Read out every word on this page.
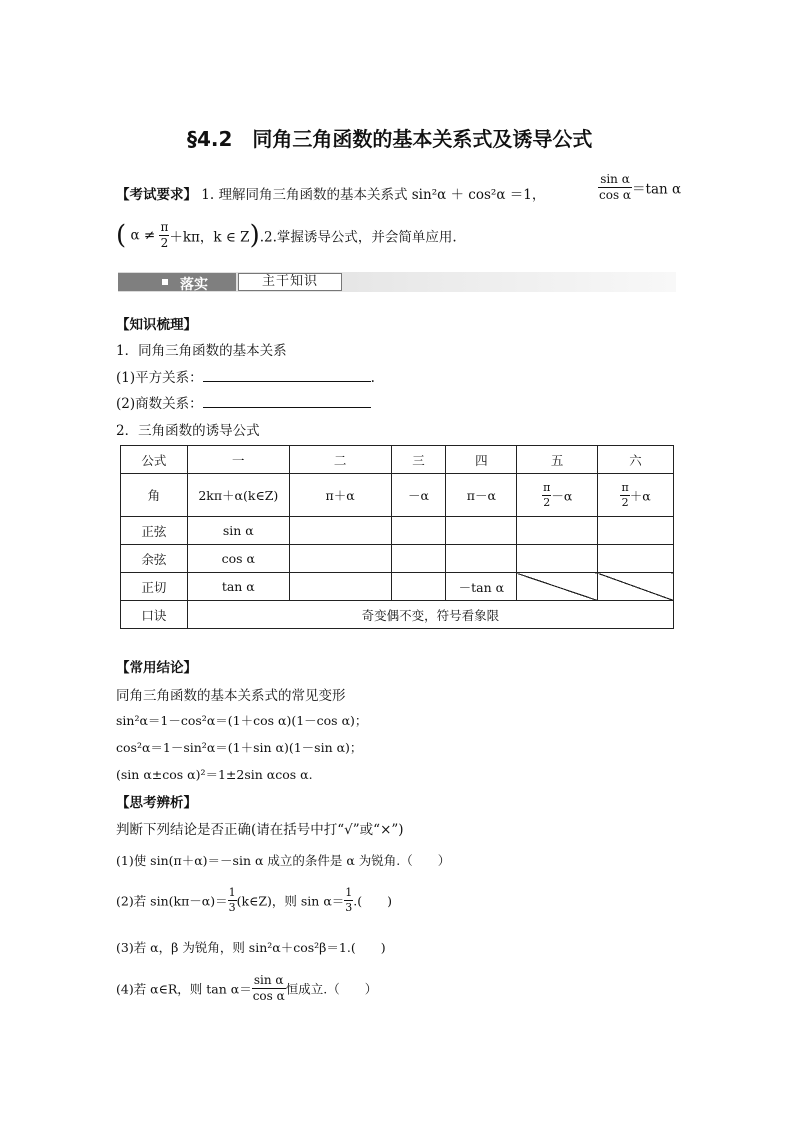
§4.2　同角三角函数的基本关系式及诱导公式
【考试要求】 1. 理解同角三角函数的基本关系式 sin²α ＋ cos²α ＝1，	$\frac{\text{sin α}}{\text{cos α}} =\tan$ α
( $\alpha \ne \frac{\pi}{2} +k\pi$，k ∈ Z).2.掌握诱导公式，并会简单应用.
落实	主干知识
【知识梳理】
1．同角三角函数的基本关系
(1)平方关系：	.
(2)商数关系：
2．三角函数的诱导公式
公式	一	二	三	四	五	六
角	2kπ＋α(k∈Z)	π＋α	－α	π－α	$\frac{\pi}{2} -\alpha$	$\frac{\pi}{2} +\alpha$
正弦	sin α					
余弦	cos α					
正切	tan α			－tan α		
口诀	奇变偶不变，符号看象限					
【常用结论】
同角三角函数的基本关系式的常见变形
sin²α＝1－cos²α＝(1＋cos α)(1－cos α)；
cos²α＝1－sin²α＝(1＋sin α)(1－sin α)；
(sin α±cos α)²＝1±2sin αcos α.
【思考辨析】
判断下列结论是否正确(请在括号中打“√”或“×”)
(1)使 sin(π＋α)＝－sin α 成立的条件是 α 为锐角.（　　）
(2)若 $\sin(k\pi-\alpha)= \frac{1}{3}$ (k∈Z)，则 $\sin \alpha= \frac{1}{3}$ .(　　)
(3)若 α，β 为锐角，则 sin²α＋cos²β＝1.(　　)
(4)若 α∈R，则 $\tan \alpha= \frac{\text{sin α}}{\text{cos α}}$ 恒成立.（　　）
